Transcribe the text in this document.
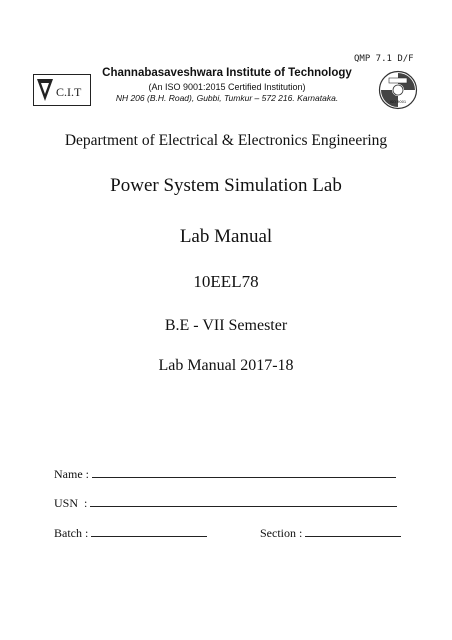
QMP 7.1 D/F
C.I.T
Channabasaveshwara Institute of Technology
(An ISO 9001:2015 Certified Institution)
NH 206 (B.H. Road), Gubbi, Tumkur – 572 216. Karnataka.	ISO 9001
Department of Electrical & Electronics Engineering
Power System Simulation Lab
Lab Manual
10EEL78
B.E - VII Semester
Lab Manual 2017-18
Name :
USN  :
Batch :	Section :
